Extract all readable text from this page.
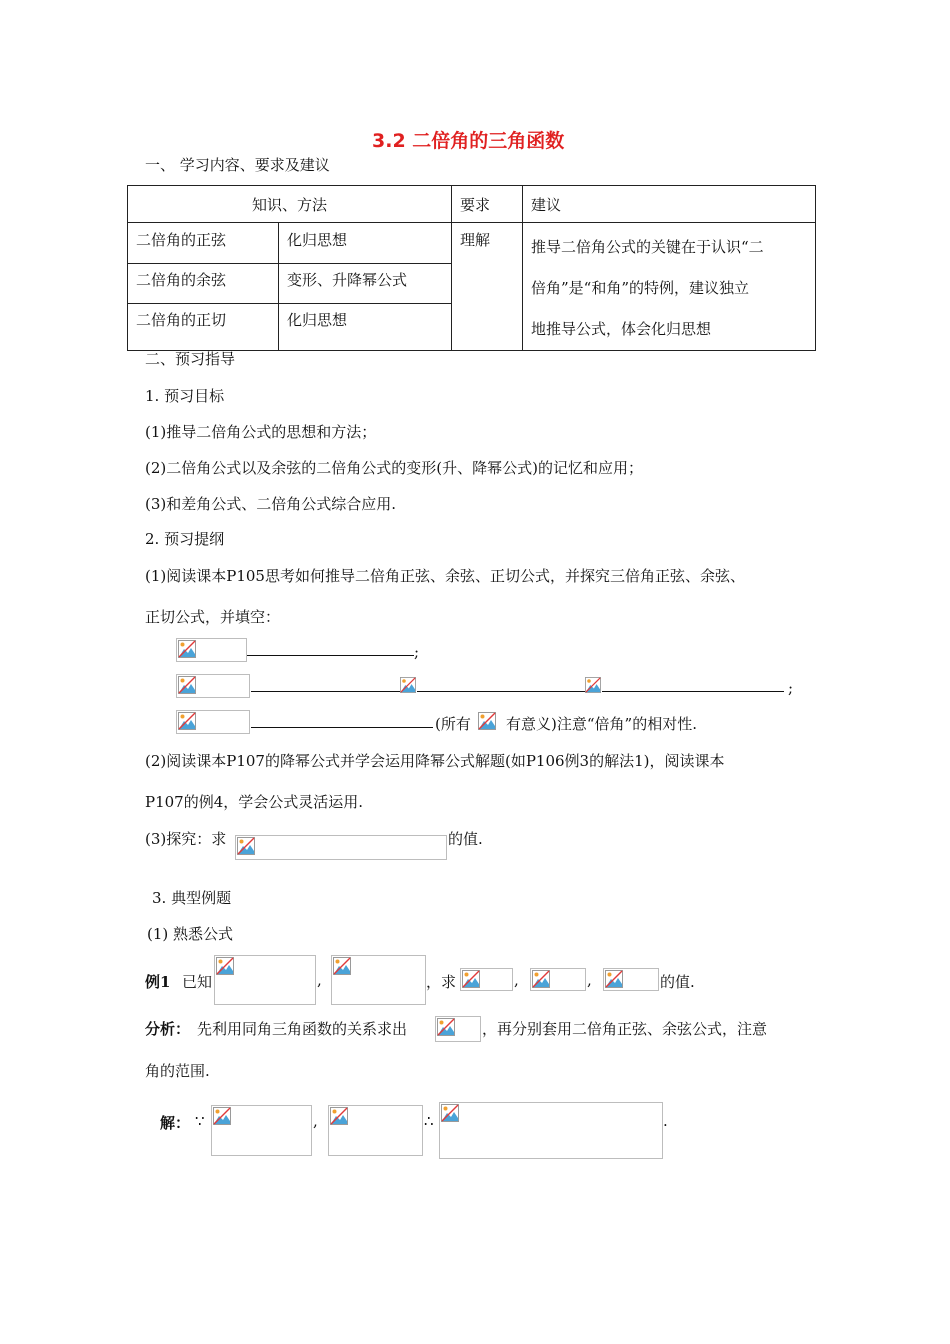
3.2 二倍角的三角函数
一、 学习内容、要求及建议
知识、方法		要求	建议
二倍角的正弦	化归思想	理解	推导二倍角公式的关键在于认识“二
倍角”是“和角”的特例，建议独立
地推导公式，体会化归思想

二倍角的余弦	变形、升降幂公式		
二倍角的正切	化归思想		
二、预习指导
1. 预习目标
(1)推导二倍角公式的思想和方法；
(2)二倍角公式以及余弦的二倍角公式的变形(升、降幂公式)的记忆和应用；
(3)和差角公式、二倍角公式综合应用.
2. 预习提纲
(1)阅读课本P105思考如何推导二倍角正弦、余弦、正切公式，并探究三倍角正弦、余弦、
正切公式，并填空：
;
;
(所有 有意义)注意“倍角”的相对性.
(2)阅读课本P107的降幂公式并学会运用降幂公式解题(如P106例3的解法1)，阅读课本
P107的例4，学会公式灵活运用.
(3)探究：求	的值.
3. 典型例题
(1) 熟悉公式
例1 已知	,	，求	,	,	的值.
分析： 先利用同角三角函数的关系求出	，再分别套用二倍角正弦、余弦公式，注意
角的范围.
解： ∵	,	∴	.
